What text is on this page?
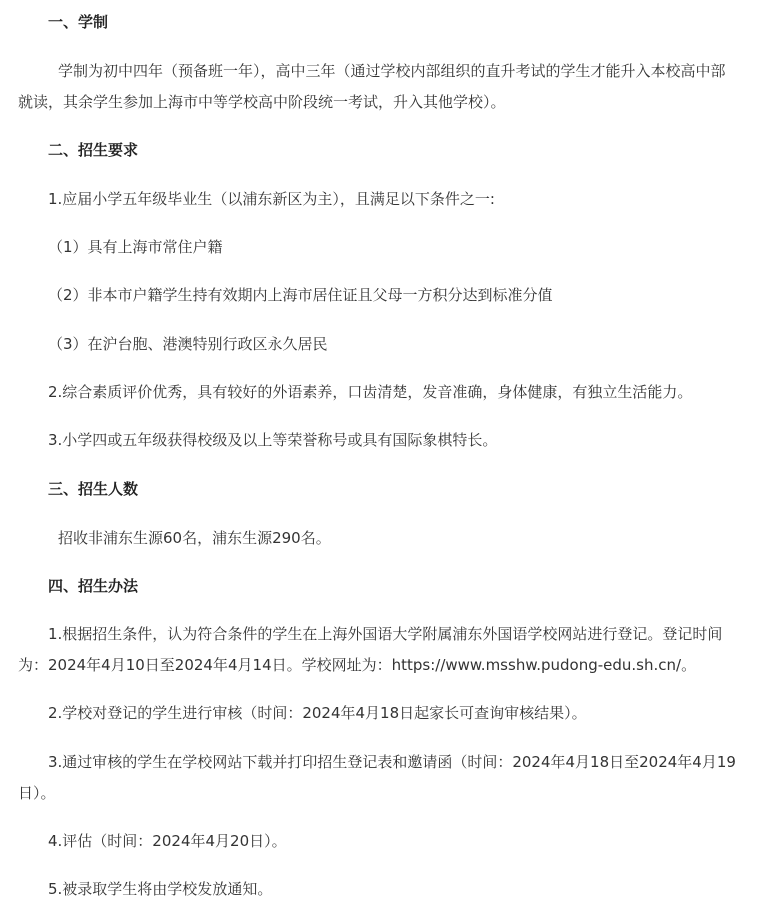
一、学制
学制为初中四年（预备班一年），高中三年（通过学校内部组织的直升考试的学生才能升入本校高中部
就读，其余学生参加上海市中等学校高中阶段统一考试，升入其他学校）。
二、招生要求
1.应届小学五年级毕业生（以浦东新区为主），且满足以下条件之一:
（1）具有上海市常住户籍
（2）非本市户籍学生持有效期内上海市居住证且父母一方积分达到标准分值
（3）在沪台胞、港澳特别行政区永久居民
2.综合素质评价优秀，具有较好的外语素养，口齿清楚，发音准确，身体健康，有独立生活能力。
3.小学四或五年级获得校级及以上等荣誉称号或具有国际象棋特长。
三、招生人数
招收非浦东生源60名，浦东生源290名。
四、招生办法
1.根据招生条件，认为符合条件的学生在上海外国语大学附属浦东外国语学校网站进行登记。登记时间
为：2024年4月10日至2024年4月14日。学校网址为：https://www.msshw.pudong-edu.sh.cn/。
2.学校对登记的学生进行审核（时间：2024年4月18日起家长可查询审核结果）。
3.通过审核的学生在学校网站下载并打印招生登记表和邀请函（时间：2024年4月18日至2024年4月19
日）。
4.评估（时间：2024年4月20日）。
5.被录取学生将由学校发放通知。
